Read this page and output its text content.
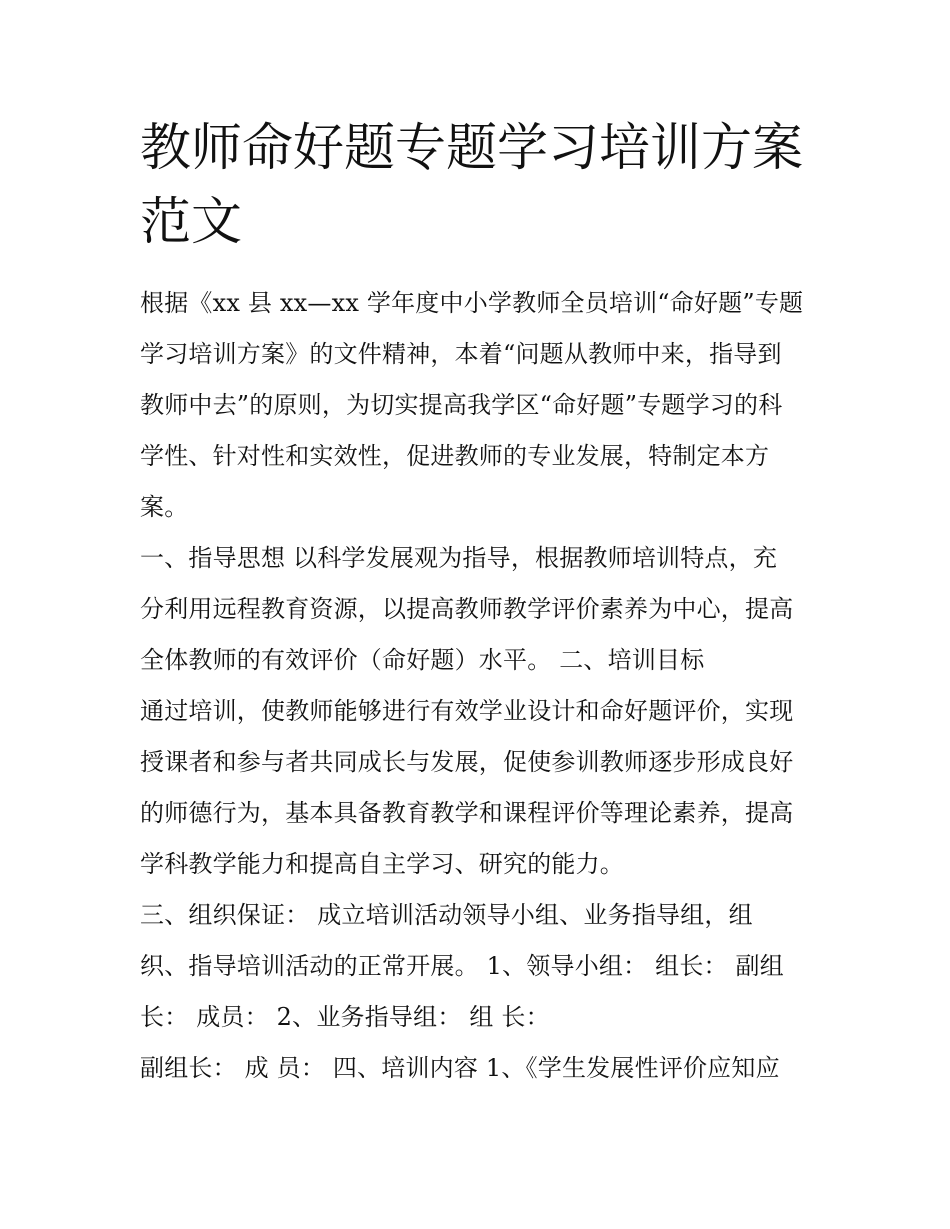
教师命好题专题学习培训方案
范文
根据《xx 县 xx—xx 学年度中小学教师全员培训“命好题”专题
学习培训方案》的文件精神，本着“问题从教师中来，指导到
教师中去”的原则，为切实提高我学区“命好题”专题学习的科
学性、针对性和实效性，促进教师的专业发展，特制定本方
案。
一、指导思想 以科学发展观为指导，根据教师培训特点，充
分利用远程教育资源，以提高教师教学评价素养为中心，提高
全体教师的有效评价（命好题）水平。 二、培训目标
通过培训，使教师能够进行有效学业设计和命好题评价，实现
授课者和参与者共同成长与发展，促使参训教师逐步形成良好
的师德行为，基本具备教育教学和课程评价等理论素养，提高
学科教学能力和提高自主学习、研究的能力。
三、组织保证： 成立培训活动领导小组、业务指导组，组
织、指导培训活动的正常开展。 1、领导小组： 组长： 副组
长： 成员： 2、业务指导组： 组 长：
副组长： 成 员： 四、培训内容 1、《学生发展性评价应知应
